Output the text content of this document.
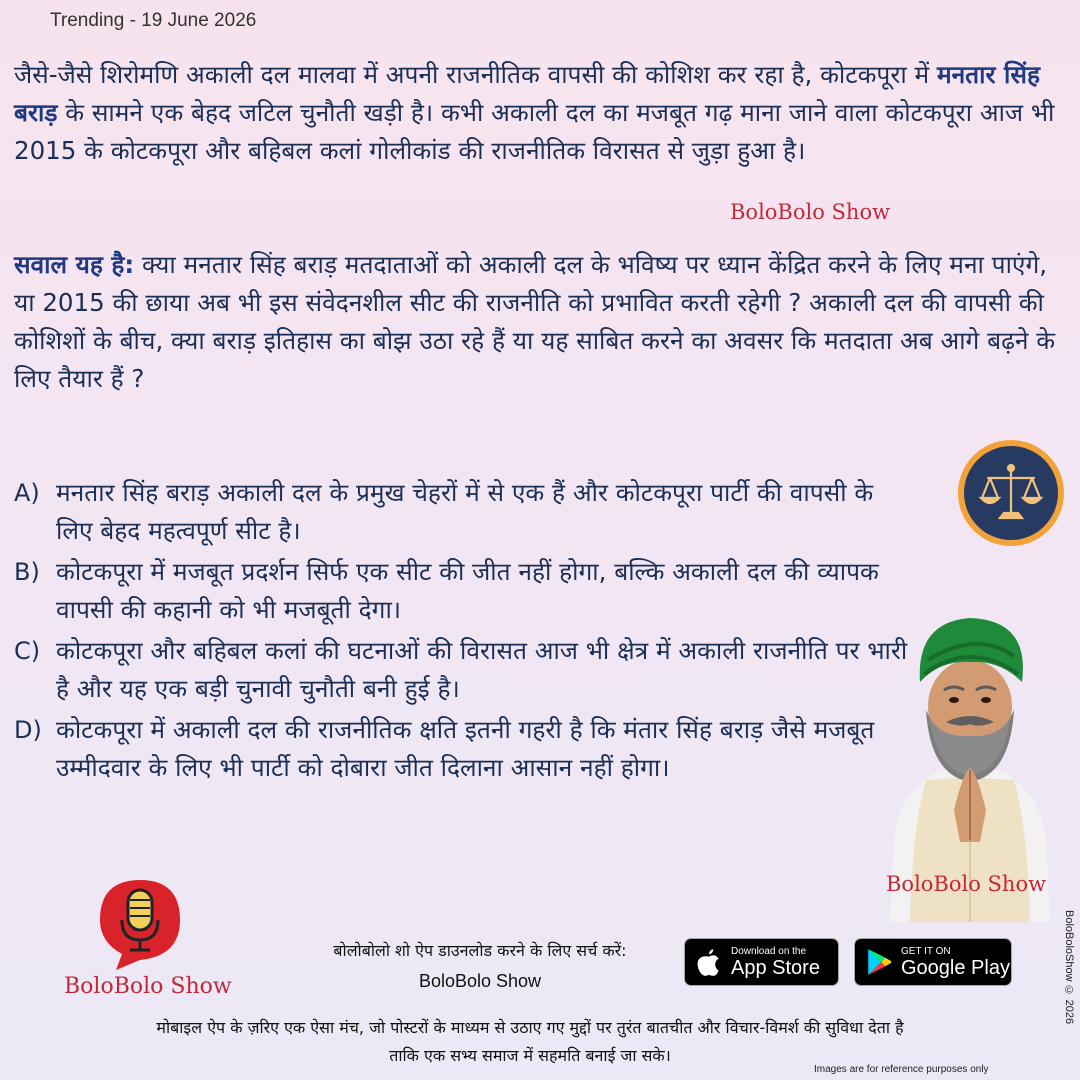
Trending - 19 June 2026

जैसे-जैसे शिरोमणि अकाली दल मालवा में अपनी राजनीतिक वापसी की कोशिश कर रहा है, कोटकपूरा में मनतार सिंह बराड़ के सामने एक बेहद जटिल चुनौती खड़ी है। कभी अकाली दल का मजबूत गढ़ माना जाने वाला कोटकपूरा आज भी 2015 के कोटकपूरा और बहिबल कलां गोलीकांड की राजनीतिक विरासत से जुड़ा हुआ है।

BoloBolo Show

सवाल यह है: क्या मनतार सिंह बराड़ मतदाताओं को अकाली दल के भविष्य पर ध्यान केंद्रित करने के लिए मना पाएंगे, या 2015 की छाया अब भी इस संवेदनशील सीट की राजनीति को प्रभावित करती रहेगी ? अकाली दल की वापसी की कोशिशों के बीच, क्या बराड़ इतिहास का बोझ उठा रहे हैं या यह साबित करने का अवसर कि मतदाता अब आगे बढ़ने के लिए तैयार हैं ?

A) मनतार सिंह बराड़ अकाली दल के प्रमुख चेहरों में से एक हैं और कोटकपूरा पार्टी की वापसी के लिए बेहद महत्वपूर्ण सीट है।
B) कोटकपूरा में मजबूत प्रदर्शन सिर्फ एक सीट की जीत नहीं होगा, बल्कि अकाली दल की व्यापक वापसी की कहानी को भी मजबूती देगा।
C) कोटकपूरा और बहिबल कलां की घटनाओं की विरासत आज भी क्षेत्र में अकाली राजनीति पर भारी है और यह एक बड़ी चुनावी चुनौती बनी हुई है।
D) कोटकपूरा में अकाली दल की राजनीतिक क्षति इतनी गहरी है कि मंतार सिंह बराड़ जैसे मजबूत उम्मीदवार के लिए भी पार्टी को दोबारा जीत दिलाना आसान नहीं होगा।
BoloBolo Show
BoloBolo Show
बोलोबोलो शो ऐप डाउनलोड करने के लिए सर्च करें:
BoloBolo Show
Download on the
App Store
GET IT ON
Google Play
मोबाइल ऐप के ज़रिए एक ऐसा मंच, जो पोस्टरों के माध्यम से उठाए गए मुद्दों पर तुरंत बातचीत और विचार-विमर्श की सुविधा देता है
ताकि एक सभ्य समाज में सहमति बनाई जा सके।
Images are for reference purposes only
BoloBoloShow © 2026
